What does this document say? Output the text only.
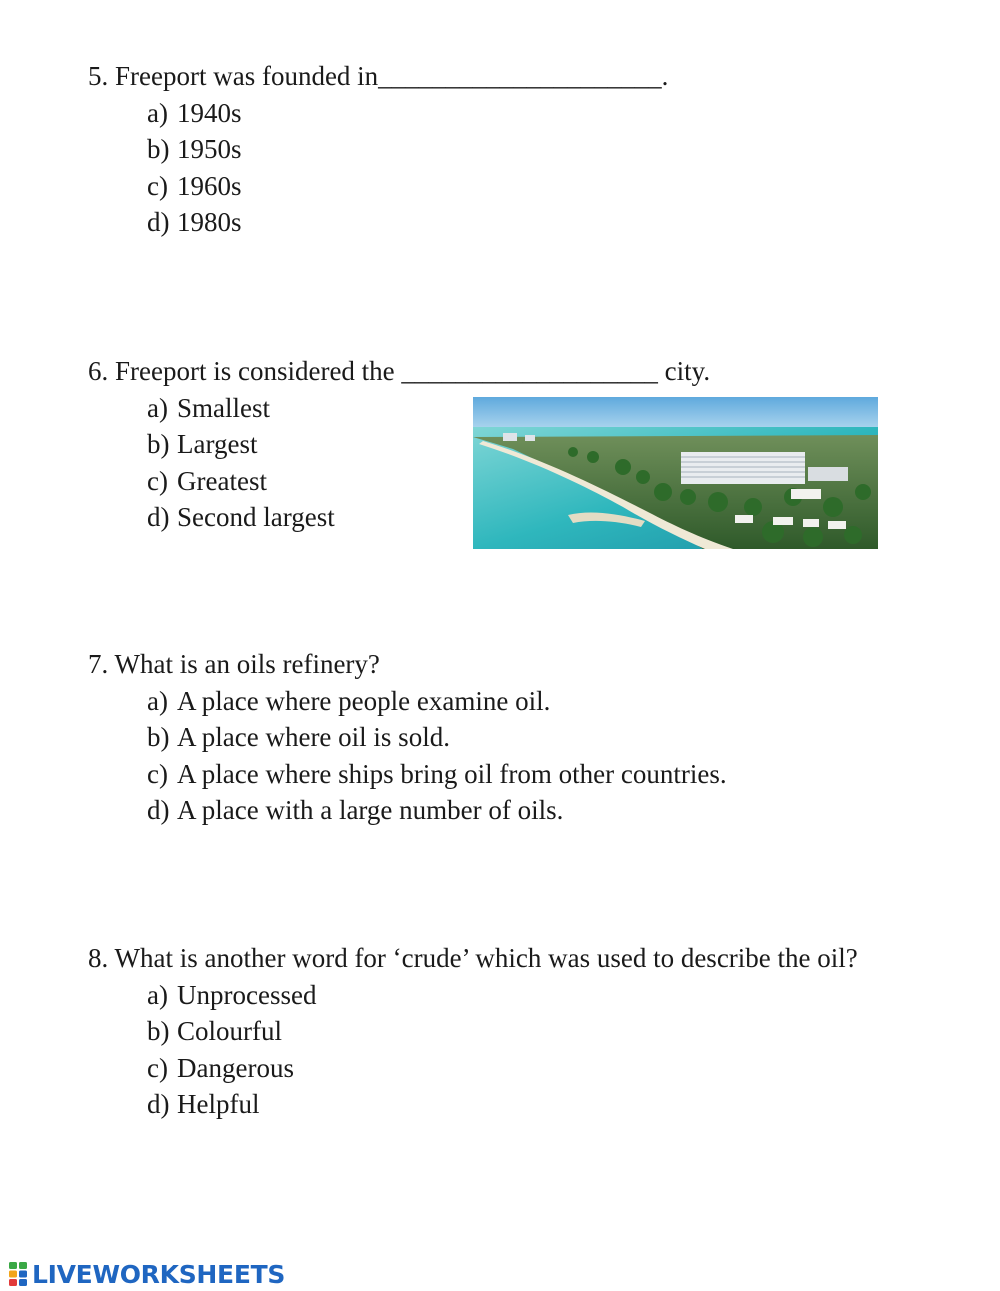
5. Freeport was founded in_____________________.

a) 1940s
b) 1950s
c) 1960s
d) 1980s

6. Freeport is considered the ___________________ city.

a) Smallest
b) Largest
c) Greatest
d) Second largest

7. What is an oils refinery?

a) A place where people examine oil.
b) A place where oil is sold.
c) A place where ships bring oil from other countries.
d) A place with a large number of oils.

8. What is another word for ‘crude’ which was used to describe the oil?

a) Unprocessed
b) Colourful
c) Dangerous
d) Helpful
LIVEWORKSHEETS
